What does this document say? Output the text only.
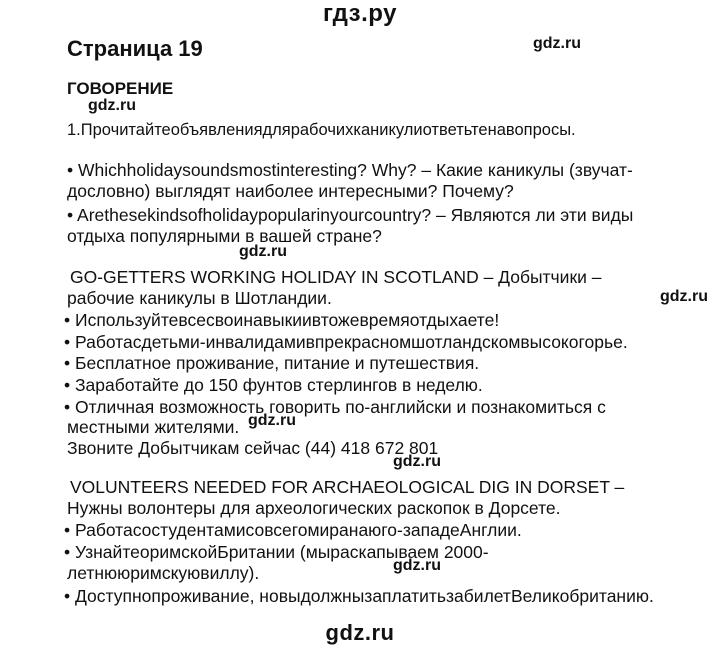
гдз.ру
Страница 19
ГОВОРЕНИЕ
1.Прочитайтеобъявлениядлярабочихканикулиответьтенавопросы.
• Whichholidaysoundsmostinteresting? Why? – Какие каникулы (звучат-
дословно) выглядят наиболее интересными? Почему?
• Arethesekindsofholidaypopularinyourcountry? – Являются ли эти виды
отдыха популярными в вашей стране?
GO-GETTERS WORKING HOLIDAY IN SCOTLAND – Добытчики –
рабочие каникулы в Шотландии.
• Используйтевсесвоинавыкиивтожевремяотдыхаете!
• Работасдетьми-инвалидамивпрекрасномшотландскомвысокогорье.
• Бесплатное проживание, питание и путешествия.
• Заработайте до 150 фунтов стерлингов в неделю.
• Отличная возможность говорить по-английски и познакомиться с
местными жителями.
Звоните Добытчикам сейчас (44) 418 672 801
VOLUNTEERS NEEDED FOR ARCHAEOLOGICAL DIG IN DORSET –
Нужны волонтеры для археологических раскопок в Дорсете.
• Работасостудентамисовсегомиранаюго-западеАнглии.
• УзнайтеоримскойБритании (мыраскапываем 2000-
летнююримскуювиллу).
• Доступнопроживание, новыдолжнызаплатитьзабилетВеликобританию.
gdz.ru
gdz.ru
gdz.ru
gdz.ru
gdz.ru
gdz.ru
gdz.ru
gdz.ru
